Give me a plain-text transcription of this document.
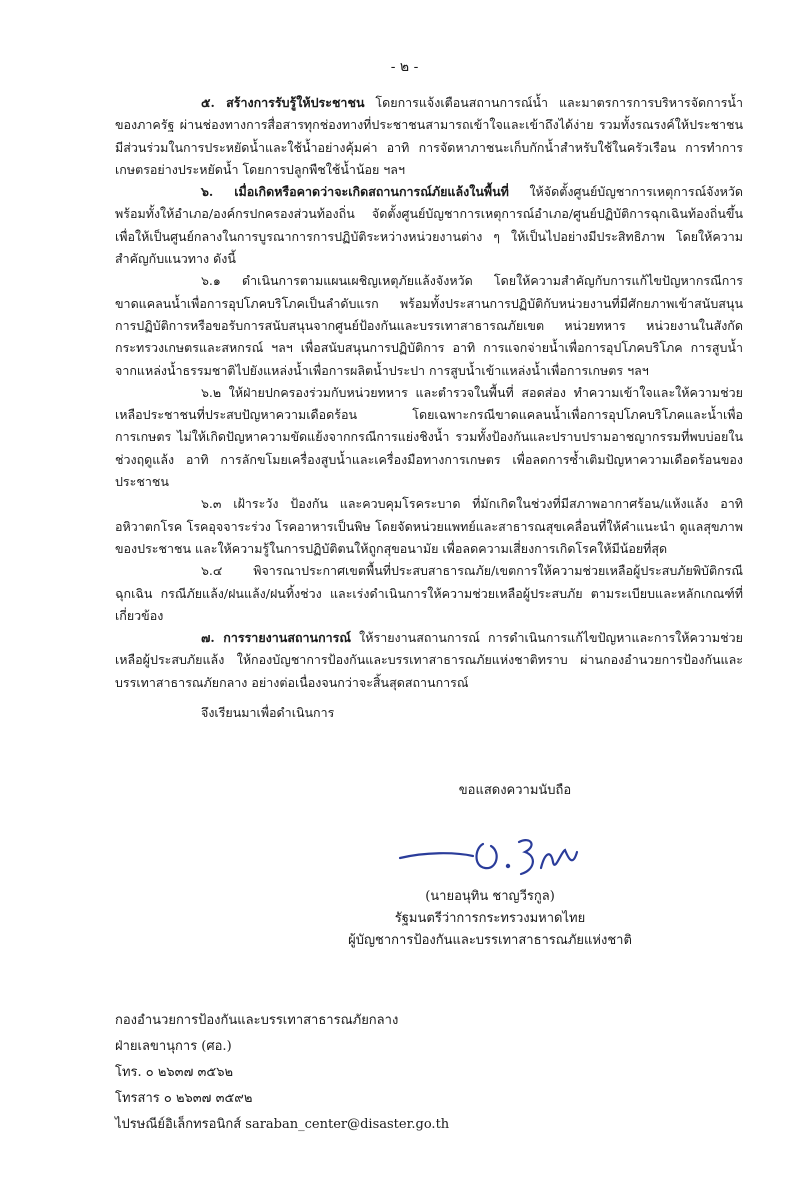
- ๒ -

๕. สร้างการรับรู้ให้ประชาชน โดยการแจ้งเตือนสถานการณ์น้ำ และมาตรการการบริหารจัดการน้ำของภาครัฐ ผ่านช่องทางการสื่อสารทุกช่องทางที่ประชาชนสามารถเข้าใจและเข้าถึงได้ง่าย รวมทั้งรณรงค์ให้ประชาชนมีส่วนร่วมในการประหยัดน้ำและใช้น้ำอย่างคุ้มค่า อาทิ การจัดหาภาชนะเก็บกักน้ำสำหรับใช้ในครัวเรือน การทำการเกษตรอย่างประหยัดน้ำ โดยการปลูกพืชใช้น้ำน้อย ฯลฯ

๖. เมื่อเกิดหรือคาดว่าจะเกิดสถานการณ์ภัยแล้งในพื้นที่ ให้จัดตั้งศูนย์บัญชาการเหตุการณ์จังหวัด พร้อมทั้งให้อำเภอ/องค์กรปกครองส่วนท้องถิ่น จัดตั้งศูนย์บัญชาการเหตุการณ์อำเภอ/ศูนย์ปฏิบัติการฉุกเฉินท้องถิ่นขึ้น เพื่อให้เป็นศูนย์กลางในการบูรณาการการปฏิบัติระหว่างหน่วยงานต่าง ๆ ให้เป็นไปอย่างมีประสิทธิภาพ โดยให้ความสำคัญกับแนวทาง ดังนี้

๖.๑ ดำเนินการตามแผนเผชิญเหตุภัยแล้งจังหวัด โดยให้ความสำคัญกับการแก้ไขปัญหากรณีการขาดแคลนน้ำเพื่อการอุปโภคบริโภคเป็นลำดับแรก พร้อมทั้งประสานการปฏิบัติกับหน่วยงานที่มีศักยภาพเข้าสนับสนุนการปฏิบัติการหรือขอรับการสนับสนุนจากศูนย์ป้องกันและบรรเทาสาธารณภัยเขต หน่วยทหาร หน่วยงานในสังกัด กระทรวงเกษตรและสหกรณ์ ฯลฯ เพื่อสนับสนุนการปฏิบัติการ อาทิ การแจกจ่ายน้ำเพื่อการอุปโภคบริโภค การสูบน้ำจากแหล่งน้ำธรรมชาติไปยังแหล่งน้ำเพื่อการผลิตน้ำประปา การสูบน้ำเข้าแหล่งน้ำเพื่อการเกษตร ฯลฯ

๖.๒ ให้ฝ่ายปกครองร่วมกับหน่วยทหาร และตำรวจในพื้นที่ สอดส่อง ทำความเข้าใจและให้ความช่วยเหลือประชาชนที่ประสบปัญหาความเดือดร้อน โดยเฉพาะกรณีขาดแคลนน้ำเพื่อการอุปโภคบริโภคและน้ำเพื่อการเกษตร ไม่ให้เกิดปัญหาความขัดแย้งจากกรณีการแย่งชิงน้ำ รวมทั้งป้องกันและปราบปรามอาชญากรรมที่พบบ่อยในช่วงฤดูแล้ง อาทิ การลักขโมยเครื่องสูบน้ำและเครื่องมือทางการเกษตร เพื่อลดการซ้ำเติมปัญหาความเดือดร้อนของประชาชน

๖.๓ เฝ้าระวัง ป้องกัน และควบคุมโรคระบาด ที่มักเกิดในช่วงที่มีสภาพอากาศร้อน/แห้งแล้ง อาทิ อหิวาตกโรค โรคอุจจาระร่วง โรคอาหารเป็นพิษ โดยจัดหน่วยแพทย์และสาธารณสุขเคลื่อนที่ให้คำแนะนำ ดูแลสุขภาพของประชาชน และให้ความรู้ในการปฏิบัติตนให้ถูกสุขอนามัย เพื่อลดความเสี่ยงการเกิดโรคให้มีน้อยที่สุด

๖.๔ พิจารณาประกาศเขตพื้นที่ประสบสาธารณภัย/เขตการให้ความช่วยเหลือผู้ประสบภัยพิบัติกรณีฉุกเฉิน กรณีภัยแล้ง/ฝนแล้ง/ฝนทิ้งช่วง และเร่งดำเนินการให้ความช่วยเหลือผู้ประสบภัย ตามระเบียบและหลักเกณฑ์ที่เกี่ยวข้อง

๗. การรายงานสถานการณ์ ให้รายงานสถานการณ์ การดำเนินการแก้ไขปัญหาและการให้ความช่วยเหลือผู้ประสบภัยแล้ง ให้กองบัญชาการป้องกันและบรรเทาสาธารณภัยแห่งชาติทราบ ผ่านกองอำนวยการป้องกันและบรรเทาสาธารณภัยกลาง อย่างต่อเนื่องจนกว่าจะสิ้นสุดสถานการณ์

จึงเรียนมาเพื่อดำเนินการ

ขอแสดงความนับถือ
(นายอนุทิน ชาญวีรกูล)
รัฐมนตรีว่าการกระทรวงมหาดไทย
ผู้บัญชาการป้องกันและบรรเทาสาธารณภัยแห่งชาติ
กองอำนวยการป้องกันและบรรเทาสาธารณภัยกลาง
ฝ่ายเลขานุการ (ศอ.)
โทร. ๐ ๒๖๓๗ ๓๕๖๒
โทรสาร ๐ ๒๖๓๗ ๓๕๙๒
ไปรษณีย์อิเล็กทรอนิกส์ saraban_center@disaster.go.th
